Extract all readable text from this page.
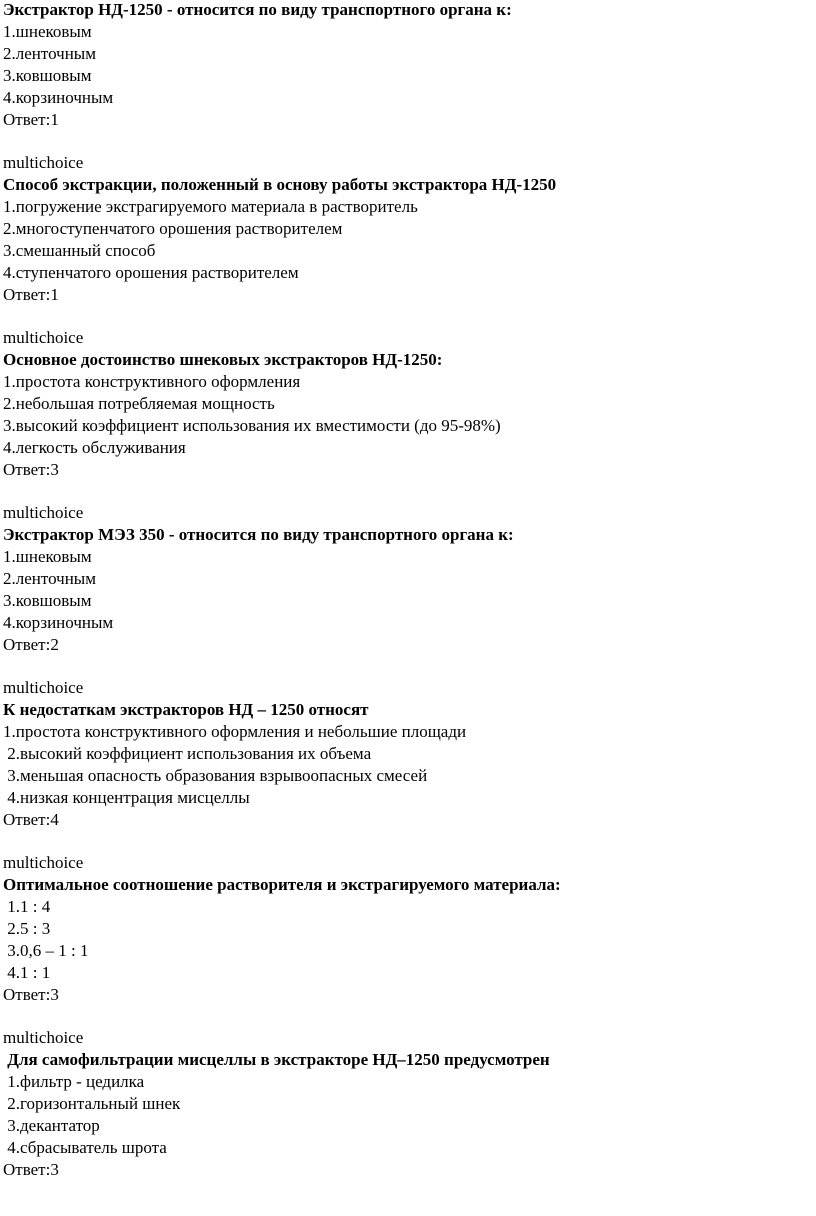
Экстрактор НД-1250 - относится по виду транспортного органа к:
1.шнековым
2.ленточным
3.ковшовым
4.корзиночным
Ответ:1
multichoice
Способ экстракции, положенный в основу работы экстрактора НД-1250
1.погружение экстрагируемого материала в растворитель
2.многоступенчатого орошения растворителем
3.смешанный способ
4.ступенчатого орошения растворителем
Ответ:1
multichoice
Основное достоинство шнековых экстракторов НД-1250:
1.простота конструктивного оформления
2.небольшая потребляемая мощность
3.высокий коэффициент использования их вместимости (до 95-98%)
4.легкость обслуживания
Ответ:3
multichoice
Экстрактор МЭЗ 350 - относится по виду транспортного органа к:
1.шнековым
2.ленточным
3.ковшовым
4.корзиночным
Ответ:2
multichoice
К недостаткам экстракторов НД – 1250 относят
1.простота конструктивного оформления и небольшие площади
2.высокий коэффициент использования их объема
3.меньшая опасность образования взрывоопасных смесей
4.низкая концентрация мисцеллы
Ответ:4
multichoice
Оптимальное соотношение растворителя и экстрагируемого материала:
1.1 : 4
2.5 : 3
3.0,6 – 1 : 1
4.1 : 1
Ответ:3
multichoice
Для самофильтрации мисцеллы в экстракторе НД–1250 предусмотрен
1.фильтр - цедилка
2.горизонтальный шнек
3.декантатор
4.сбрасыватель шрота
Ответ:3
